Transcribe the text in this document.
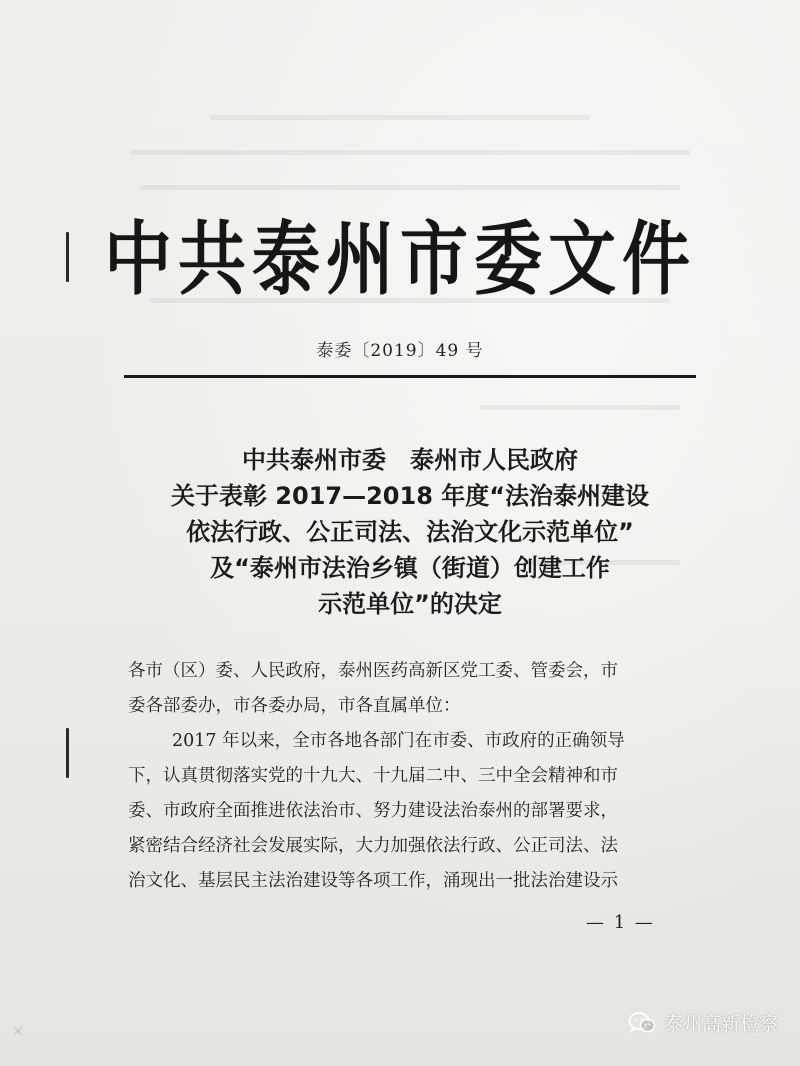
中共泰州市委文件
泰委〔2019〕49 号
中共泰州市委　泰州市人民政府
关于表彰 2017—2018 年度“法治泰州建设
依法行政、公正司法、法治文化示范单位”
及“泰州市法治乡镇（街道）创建工作
示范单位”的决定
各市（区）委、人民政府，泰州医药高新区党工委、管委会，市
委各部委办，市各委办局，市各直属单位：
2017 年以来，全市各地各部门在市委、市政府的正确领导
下，认真贯彻落实党的十九大、十九届二中、三中全会精神和市
委、市政府全面推进依法治市、努力建设法治泰州的部署要求，
紧密结合经济社会发展实际，大力加强依法行政、公正司法、法
治文化、基层民主法治建设等各项工作，涌现出一批法治建设示
— 1 —
✕	泰州高新检察
